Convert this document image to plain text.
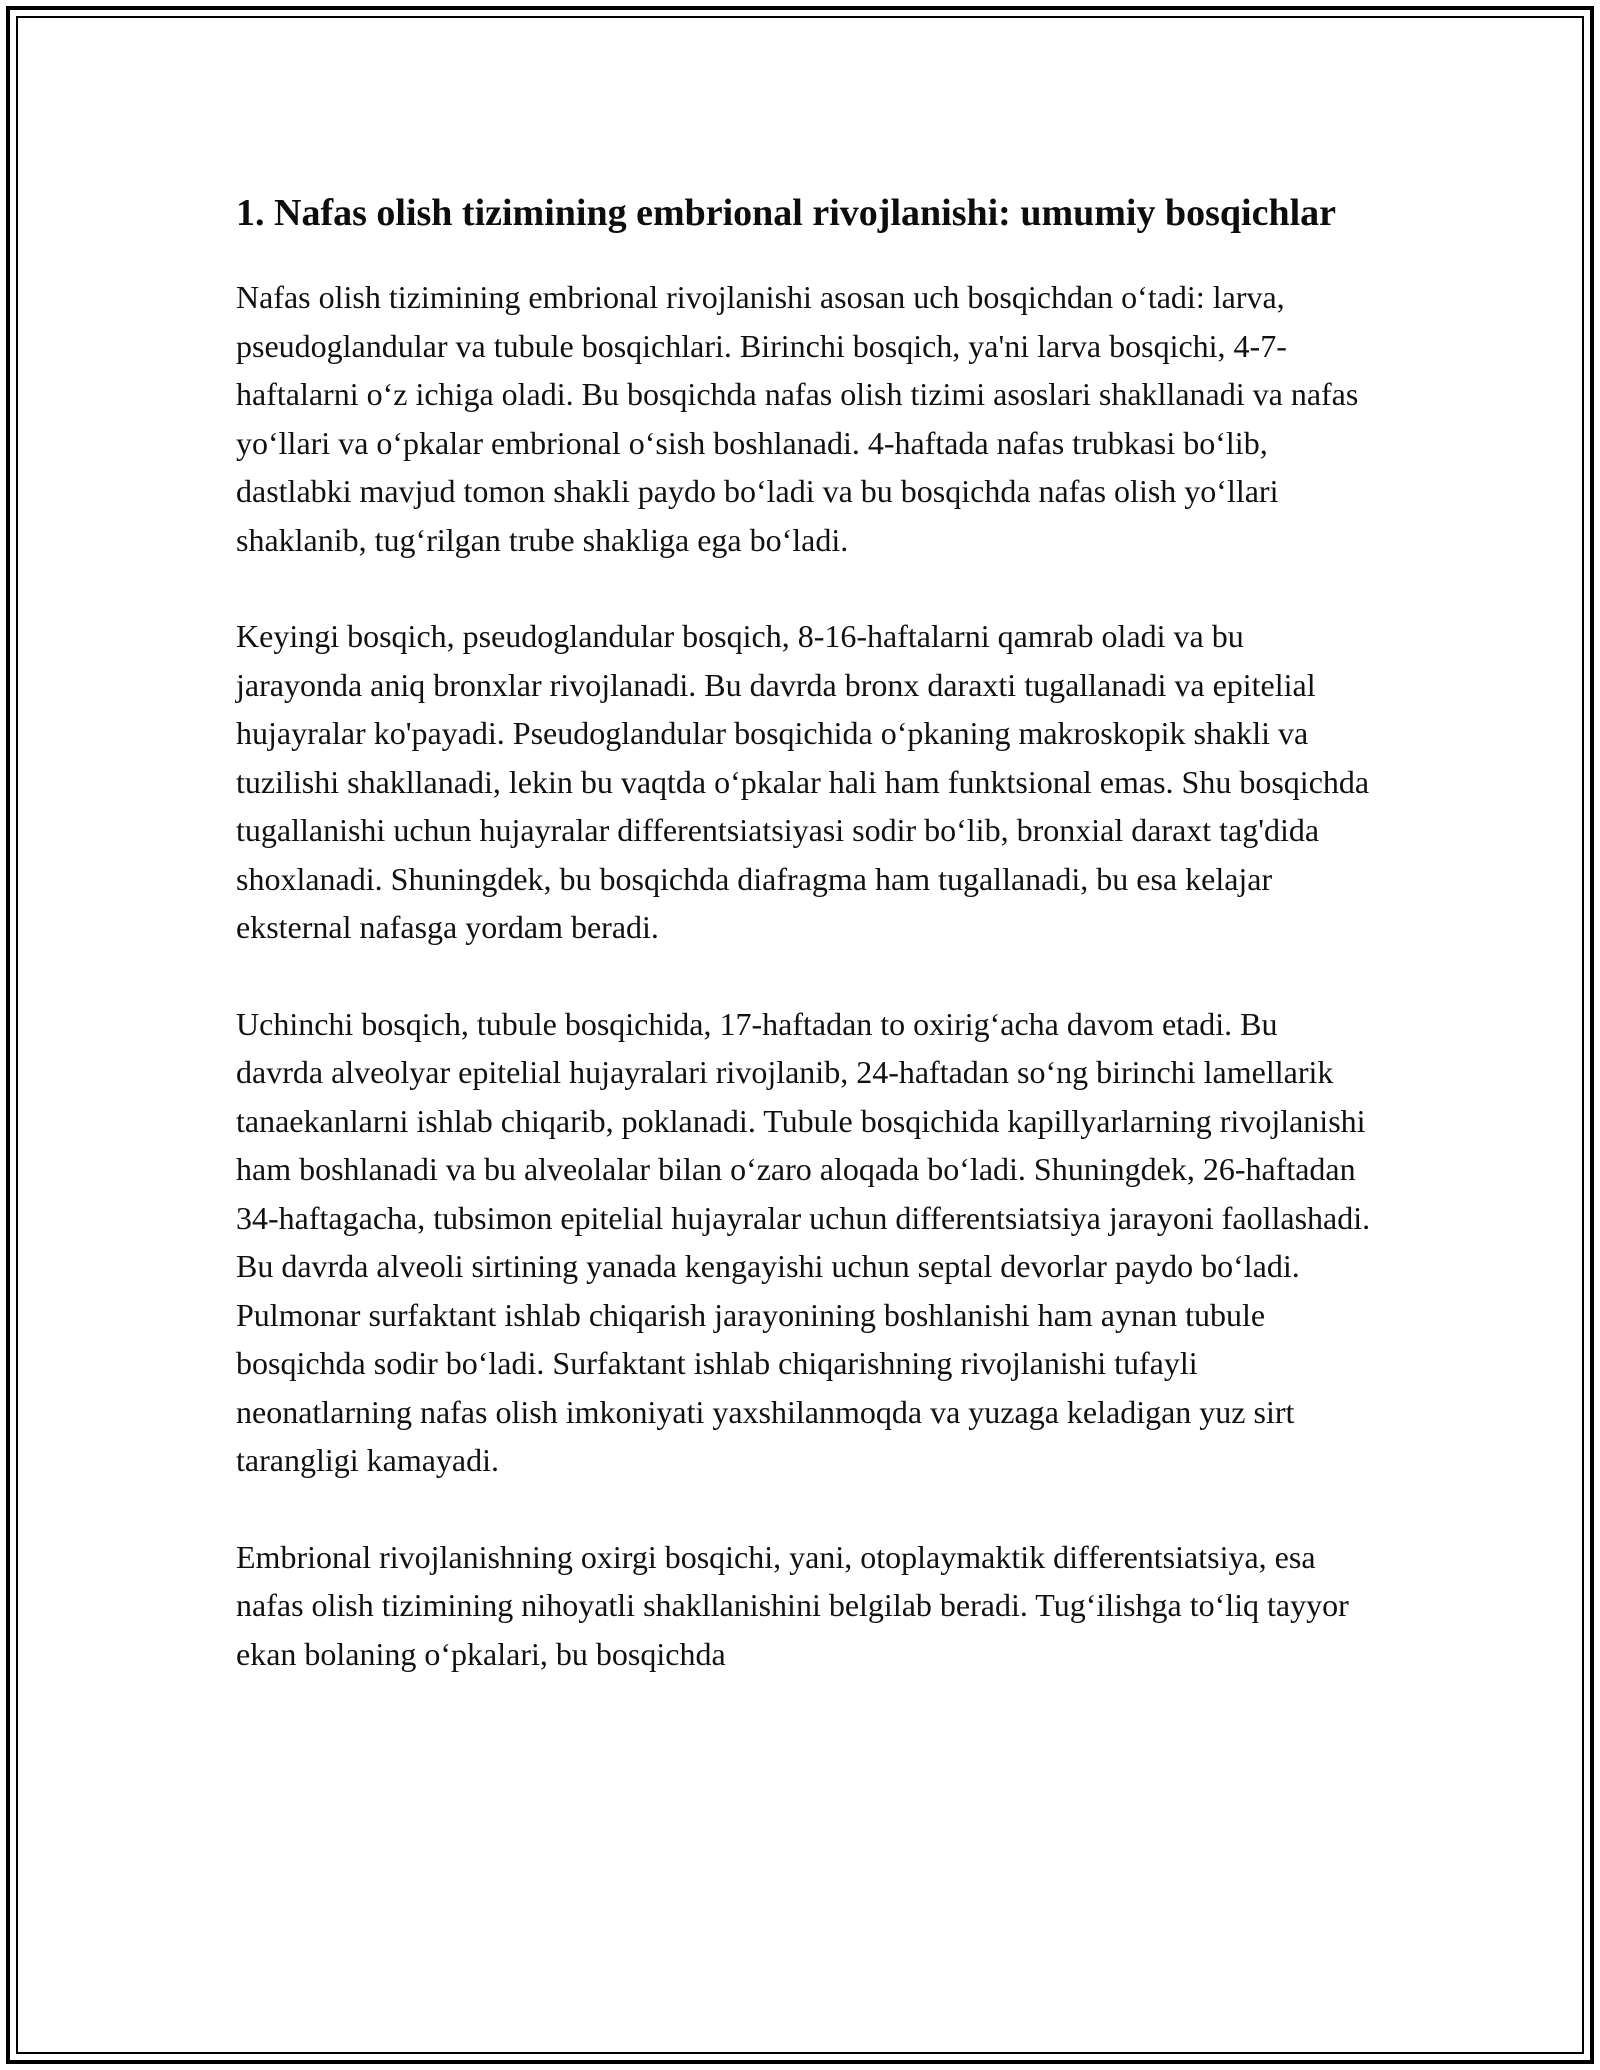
1. Nafas olish tizimining embrional rivojlanishi: umumiy bosqichlar

Nafas olish tizimining embrional rivojlanishi asosan uch bosqichdan o‘tadi: larva, pseudoglandular va tubule bosqichlari. Birinchi bosqich, ya'ni larva bosqichi, 4-7-haftalarni o‘z ichiga oladi. Bu bosqichda nafas olish tizimi asoslari shakllanadi va nafas yo‘llari va o‘pkalar embrional o‘sish boshlanadi. 4-haftada nafas trubkasi bo‘lib, dastlabki mavjud tomon shakli paydo bo‘ladi va bu bosqichda nafas olish yo‘llari shaklanib, tug‘rilgan trube shakliga ega bo‘ladi.

Keyingi bosqich, pseudoglandular bosqich, 8-16-haftalarni qamrab oladi va bu jarayonda aniq bronxlar rivojlanadi. Bu davrda bronx daraxti tugallanadi va epitelial hujayralar ko'payadi. Pseudoglandular bosqichida o‘pkaning makroskopik shakli va tuzilishi shakllanadi, lekin bu vaqtda o‘pkalar hali ham funktsional emas. Shu bosqichda tugallanishi uchun hujayralar differentsiatsiyasi sodir bo‘lib, bronxial daraxt tag'dida shoxlanadi. Shuningdek, bu bosqichda diafragma ham tugallanadi, bu esa kelajar eksternal nafasga yordam beradi.

Uchinchi bosqich, tubule bosqichida, 17-haftadan to oxirig‘acha davom etadi. Bu davrda alveolyar epitelial hujayralari rivojlanib, 24-haftadan so‘ng birinchi lamellarik tanaekanlarni ishlab chiqarib, poklanadi. Tubule bosqichida kapillyarlarning rivojlanishi ham boshlanadi va bu alveolalar bilan o‘zaro aloqada bo‘ladi. Shuningdek, 26-haftadan 34-haftagacha, tubsimon epitelial hujayralar uchun differentsiatsiya jarayoni faollashadi. Bu davrda alveoli sirtining yanada kengayishi uchun septal devorlar paydo bo‘ladi. Pulmonar surfaktant ishlab chiqarish jarayonining boshlanishi ham aynan tubule bosqichda sodir bo‘ladi. Surfaktant ishlab chiqarishning rivojlanishi tufayli neonatlarning nafas olish imkoniyati yaxshilanmoqda va yuzaga keladigan yuz sirt tarangligi kamayadi.

Embrional rivojlanishning oxirgi bosqichi, yani, otoplaymaktik differentsiatsiya, esa nafas olish tizimining nihoyatli shakllanishini belgilab beradi. Tug‘ilishga to‘liq tayyor ekan bolaning o‘pkalari, bu bosqichda
